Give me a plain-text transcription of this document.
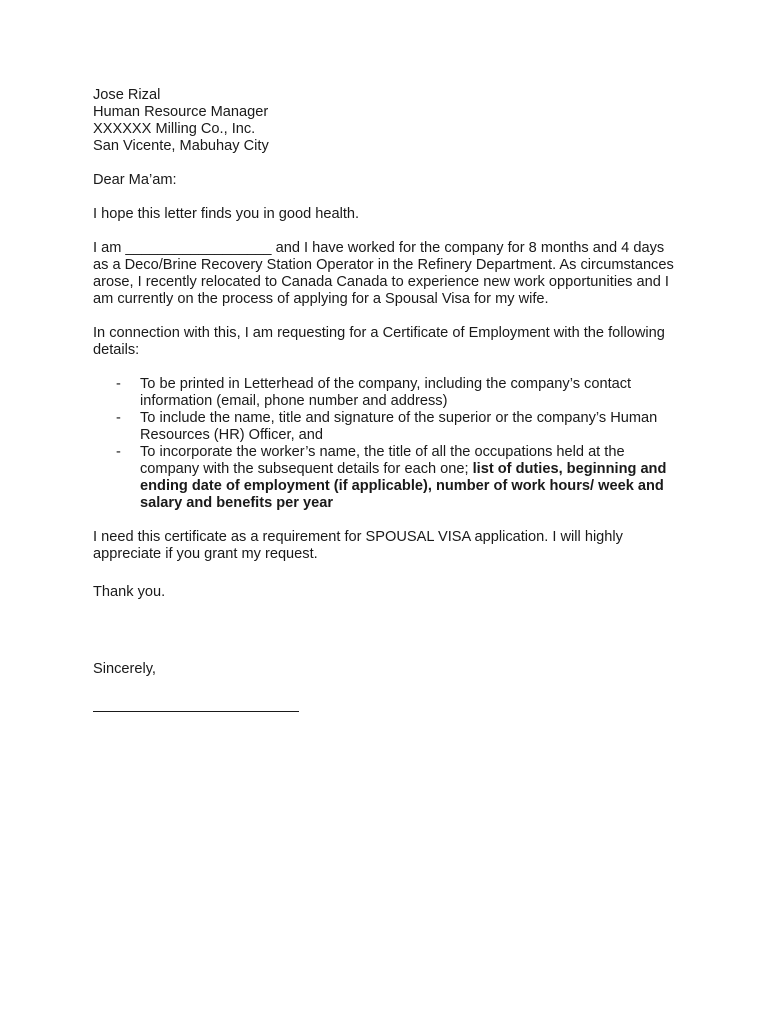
Jose Rizal
Human Resource Manager
XXXXXX Milling Co., Inc.
San Vicente, Mabuhay City

Dear Ma’am:

I hope this letter finds you in good health.

I am __________________ and I have worked for the company for 8 months and 4 days as a Deco/Brine Recovery Station Operator in the Refinery Department. As circumstances arose, I recently relocated to Canada Canada to experience new work opportunities and I am currently on the process of applying for a Spousal Visa for my wife.

In connection with this, I am requesting for a Certificate of Employment with the following details:

- To be printed in Letterhead of the company, including the company’s contact information (email, phone number and address)
- To include the name, title and signature of the superior or the company’s Human Resources (HR) Officer, and
- To incorporate the worker’s name, the title of all the occupations held at the company with the subsequent details for each one; list of duties, beginning and ending date of employment (if applicable), number of work hours/ week and salary and benefits per year

I need this certificate as a requirement for SPOUSAL VISA application. I will highly appreciate if you grant my request.

Thank you.

Sincerely,
